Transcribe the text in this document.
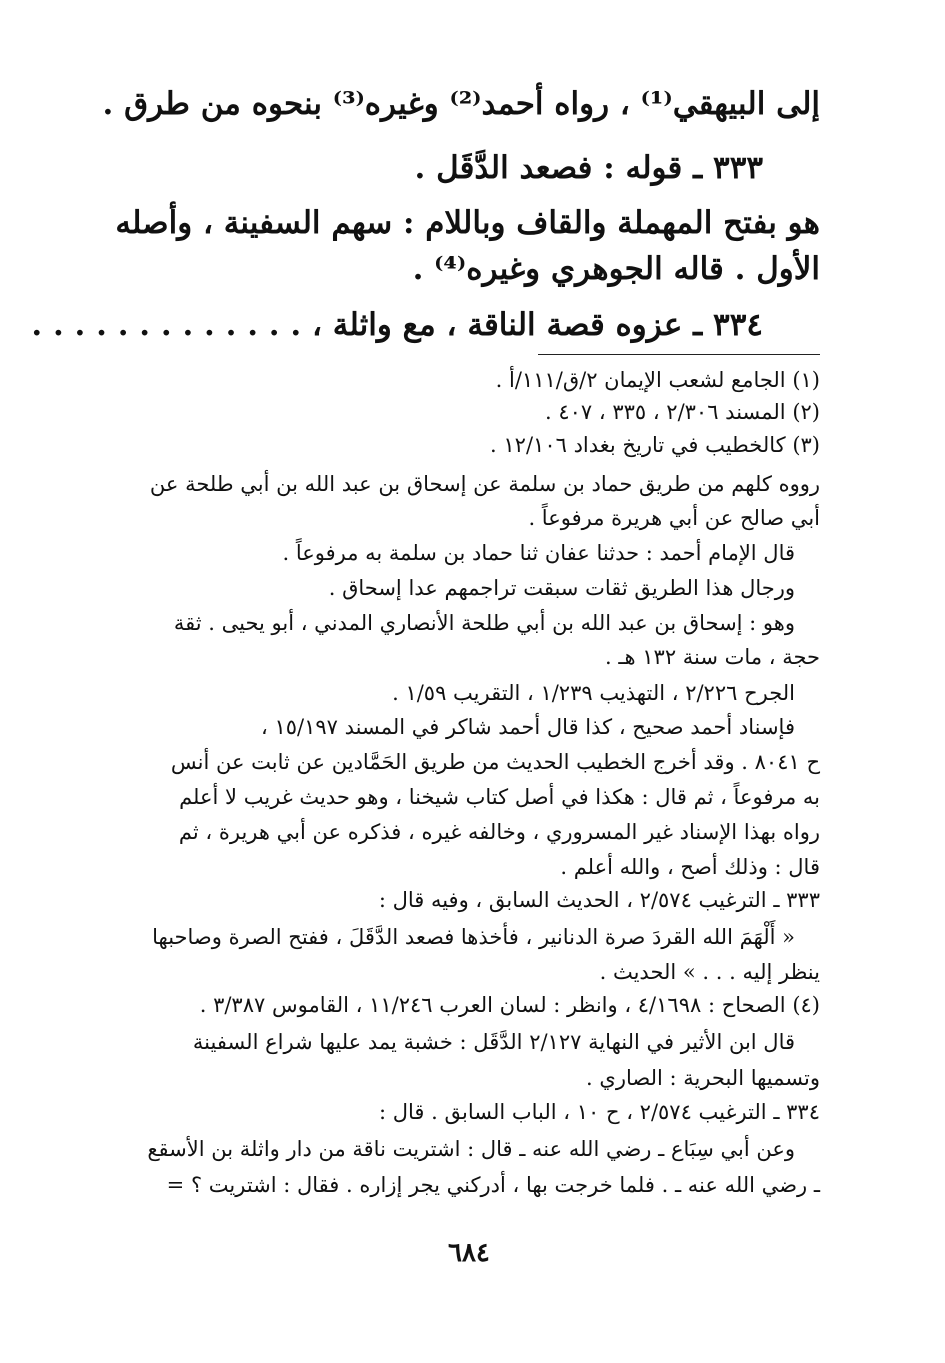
إلى البيهقي⁽¹⁾ ، رواه أحمد⁽²⁾ وغيره⁽³⁾ بنحوه من طرق .
٣٣٣ ـ قوله : فصعد الدَّقَل .
هو بفتح المهملة والقاف وباللام : سهم السفينة ، وأصله
الأول . قاله الجوهري وغيره⁽⁴⁾ .
٣٣٤ ـ عزوه قصة الناقة ، مع واثلة ، . . . . . . . . . . . . .
(١) الجامع لشعب الإيمان ٢/ق/١١١/أ .
(٢) المسند ٢/٣٠٦ ، ٣٣٥ ، ٤٠٧ .
(٣) كالخطيب في تاريخ بغداد ١٢/١٠٦ .
رووه كلهم من طريق حماد بن سلمة عن إسحاق بن عبد الله بن أبي طلحة عن
أبي صالح عن أبي هريرة مرفوعاً .
قال الإمام أحمد : حدثنا عفان ثنا حماد بن سلمة به مرفوعاً .
ورجال هذا الطريق ثقات سبقت تراجمهم عدا إسحاق .
وهو : إسحاق بن عبد الله بن أبي طلحة الأنصاري المدني ، أبو يحيى . ثقة
حجة ، مات سنة ١٣٢ هـ .
الجرح ٢/٢٢٦ ، التهذيب ١/٢٣٩ ، التقريب ١/٥٩ .
فإسناد أحمد صحيح ، كذا قال أحمد شاكر في المسند ١٥/١٩٧ ،
ح ٨٠٤١ . وقد أخرج الخطيب الحديث من طريق الحَمَّادين عن ثابت عن أنس
به مرفوعاً ، ثم قال : هكذا في أصل كتاب شيخنا ، وهو حديث غريب لا أعلم
رواه بهذا الإسناد غير المسروري ، وخالفه غيره ، فذكره عن أبي هريرة ، ثم
قال : وذلك أصح ، والله أعلم .
٣٣٣ ـ الترغيب ٢/٥٧٤ ، الحديث السابق ، وفيه قال :
« أَلْهَمَ الله القردَ صرة الدنانير ، فأخذها فصعد الدَّقَلَ ، ففتح الصرة وصاحبها
ينظر إليه . . . » الحديث .
(٤) الصحاح : ٤/١٦٩٨ ، وانظر : لسان العرب ١١/٢٤٦ ، القاموس ٣/٣٨٧ .
قال ابن الأثير في النهاية ٢/١٢٧ الدَّقَل : خشبة يمد عليها شراع السفينة
وتسميها البحرية : الصاري .
٣٣٤ ـ الترغيب ٢/٥٧٤ ، ح ١٠ ، الباب السابق . قال :
وعن أبي سِبَاع ـ رضي الله عنه ـ قال : اشتريت ناقة من دار واثلة بن الأسقع
ـ رضي الله عنه ـ . فلما خرجت بها ، أدركني يجر إزاره . فقال : اشتريت ؟ =
٦٨٤
